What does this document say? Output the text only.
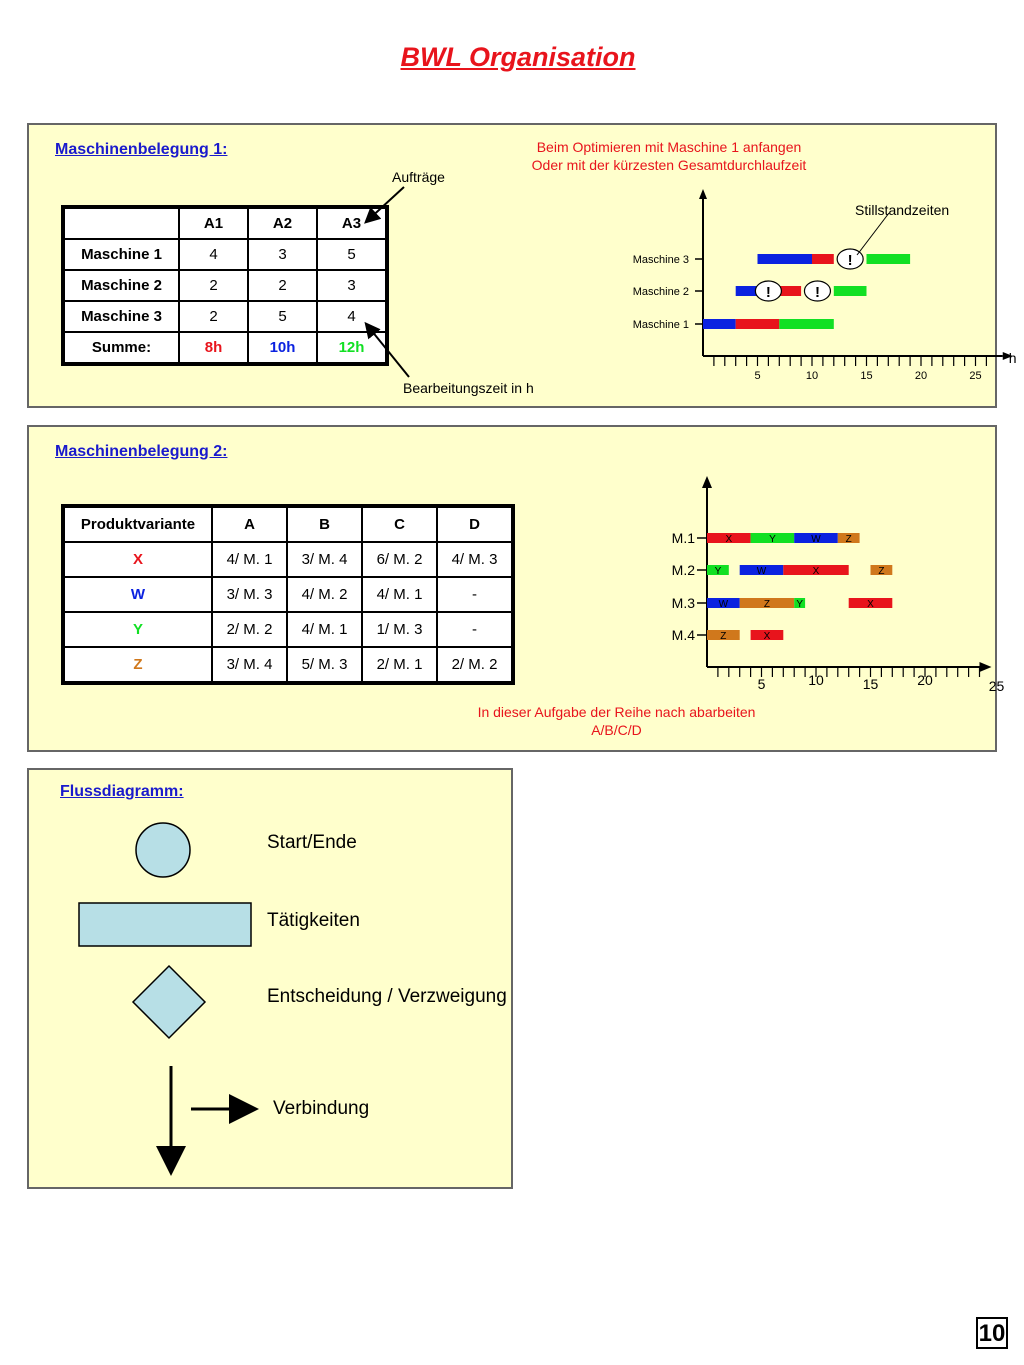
BWL Organisation
Maschinenbelegung 1:
Aufträge
Bearbeitungszeit in h
	A1	A2	A3
Maschine 1	4	3	5
Maschine 2	2	2	3
Maschine 3	2	5	4
Summe:	8h	10h	12h
Beim Optimieren mit Maschine 1 anfangen
Oder mit der kürzesten Gesamtdurchlaufzeit
Stillstandzeiten
5	10	15	20	25
h
Maschine 1
Maschine 2
Maschine 3	!
!	!
Maschinenbelegung 2:
Produktvariante	A	B	C	D
X	4/ M. 1	3/ M. 4	6/ M. 2	4/ M. 3
W	3/ M. 3	4/ M. 2	4/ M. 1	-
Y	2/ M. 2	4/ M. 1	1/ M. 3	-
Z	3/ M. 4	5/ M. 3	2/ M. 1	2/ M. 2
5	10	15	20	25
M.1	X	Y	W Z
M.2 Y	W	X	Z
M.3 W	Z	Y	X
M.4	Z	X
In dieser Aufgabe der Reihe nach abarbeiten
A/B/C/D
Flussdiagramm:
Start/Ende
Tätigkeiten
Entscheidung / Verzweigung
Verbindung
10
